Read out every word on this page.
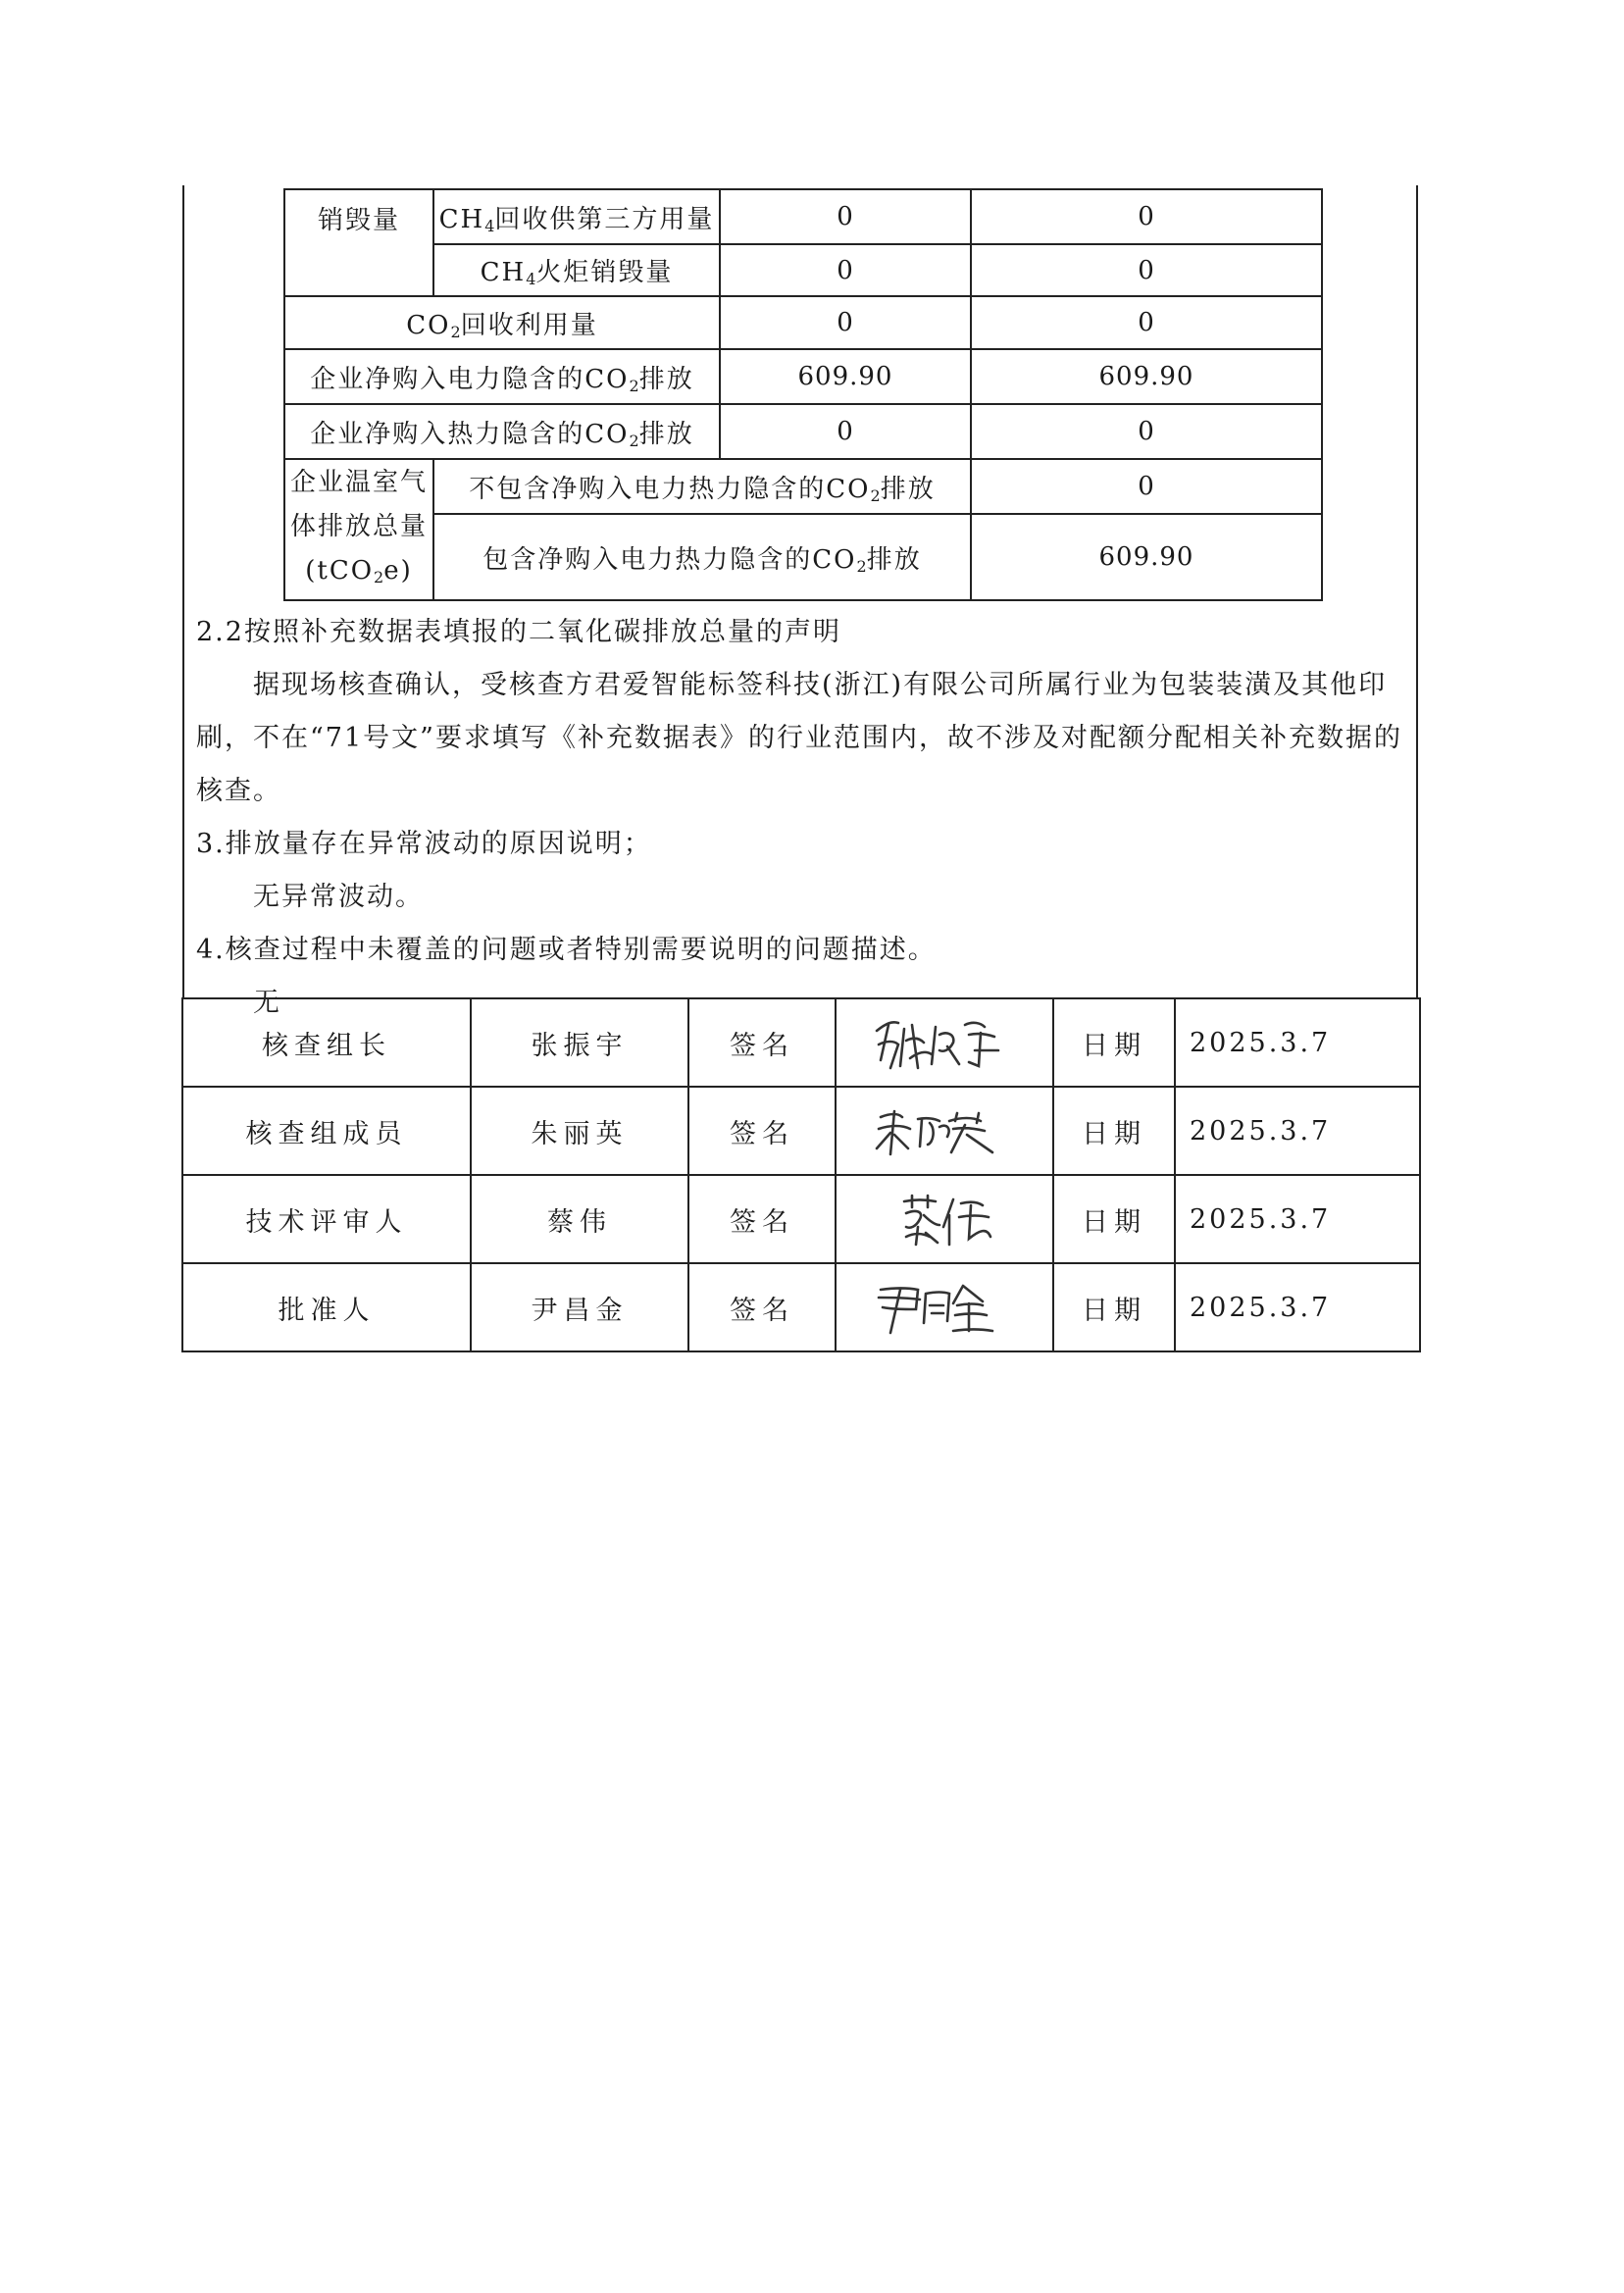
销毁量	$CH_4$回收供第三方用量	0	0
	$CH_4$火炬销毁量	0	0
$CO_2$回收利用量		0	0
企业净购入电力隐含的$CO_2$排放		609.90	609.90
企业净购入热力隐含的$CO_2$排放		0	0
企业温室气
体排放总量
(tCO$_2$e)	不包含净购入电力热力隐含的$CO_2$排放		0
	包含净购入电力热力隐含的$CO_2$排放		609.90

2.2按照补充数据表填报的二氧化碳排放总量的声明

据现场核查确认，受核查方君爱智能标签科技(浙江)有限公司所属行业为包装装潢及其他印刷，不在“71号文”要求填写《补充数据表》的行业范围内，故不涉及对配额分配相关补充数据的核查。

3.排放量存在异常波动的原因说明；

无异常波动。

4.核查过程中未覆盖的问题或者特别需要说明的问题描述。

无

核查组长	张振宇	签名		日期	2025.3.7
核查组成员	朱丽英	签名		日期	2025.3.7
技术评审人	蔡伟	签名		日期	2025.3.7
批准人	尹昌金	签名		日期	2025.3.7
